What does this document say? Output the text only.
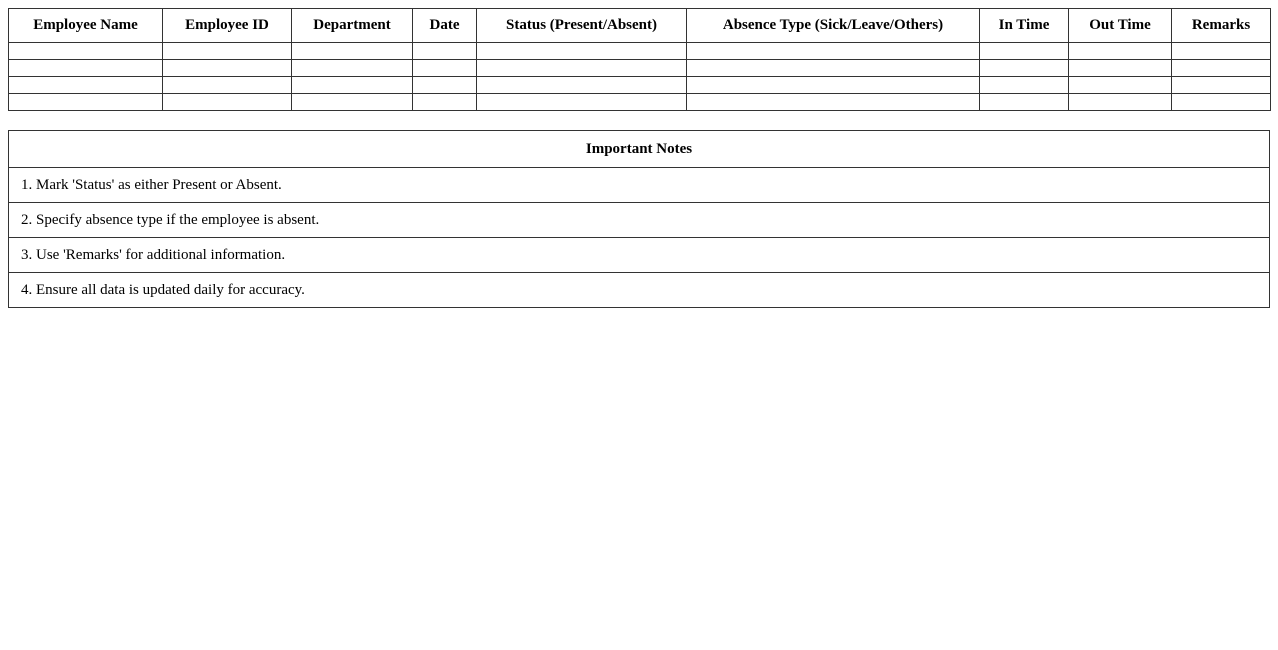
Employee Name	Employee ID	Department	Date	Status (Present/Absent)	Absence Type (Sick/Leave/Others)	In Time	Out Time	Remarks

Important Notes
1. Mark 'Status' as either Present or Absent.
2. Specify absence type if the employee is absent.
3. Use 'Remarks' for additional information.
4. Ensure all data is updated daily for accuracy.
